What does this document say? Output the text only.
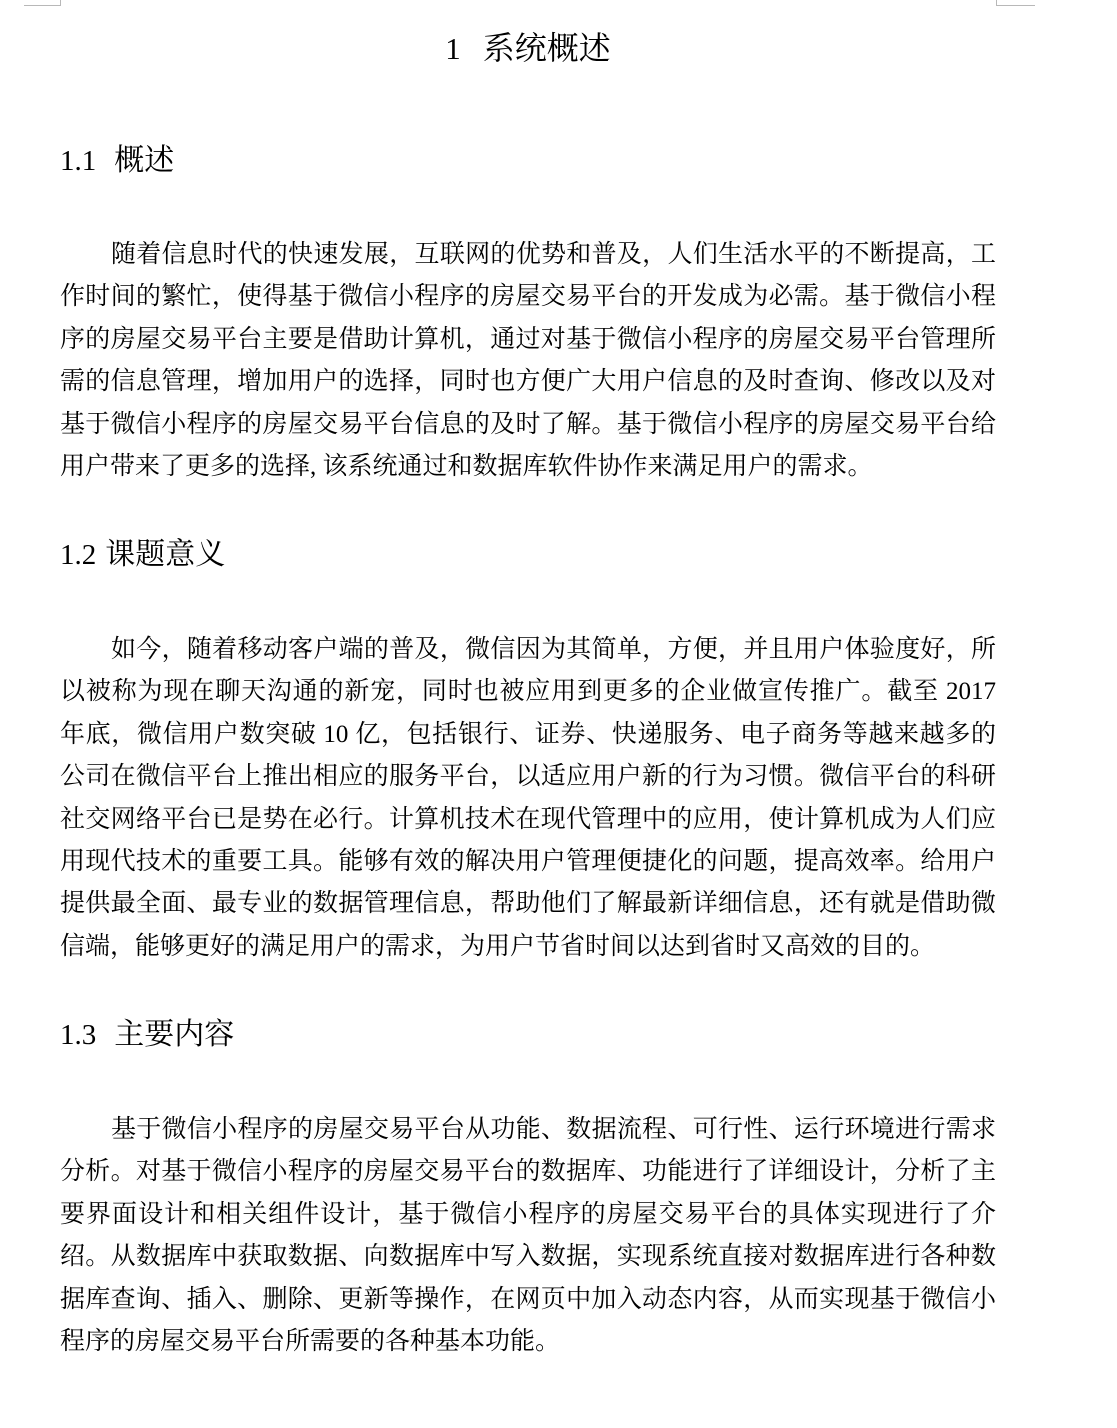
1 系统概述
1.1 概述
随着信息时代的快速发展，互联网的优势和普及，人们生活水平的不断提高，工
作时间的繁忙，使得基于微信小程序的房屋交易平台的开发成为必需。基于微信小程
序的房屋交易平台主要是借助计算机，通过对基于微信小程序的房屋交易平台管理所
需的信息管理，增加用户的选择，同时也方便广大用户信息的及时查询、修改以及对
基于微信小程序的房屋交易平台信息的及时了解。基于微信小程序的房屋交易平台给
用户带来了更多的选择, 该系统通过和数据库软件协作来满足用户的需求。
1.2 课题意义
如今，随着移动客户端的普及，微信因为其简单，方便，并且用户体验度好，所
以被称为现在聊天沟通的新宠，同时也被应用到更多的企业做宣传推广。截至 2017
年底，微信用户数突破 10 亿，包括银行、证券、快递服务、电子商务等越来越多的
公司在微信平台上推出相应的服务平台，以适应用户新的行为习惯。微信平台的科研
社交网络平台已是势在必行。计算机技术在现代管理中的应用，使计算机成为人们应
用现代技术的重要工具。能够有效的解决用户管理便捷化的问题，提高效率。给用户
提供最全面、最专业的数据管理信息，帮助他们了解最新详细信息，还有就是借助微
信端，能够更好的满足用户的需求，为用户节省时间以达到省时又高效的目的。
1.3 主要内容
基于微信小程序的房屋交易平台从功能、数据流程、可行性、运行环境进行需求
分析。对基于微信小程序的房屋交易平台的数据库、功能进行了详细设计，分析了主
要界面设计和相关组件设计，基于微信小程序的房屋交易平台的具体实现进行了介
绍。从数据库中获取数据、向数据库中写入数据，实现系统直接对数据库进行各种数
据库查询、插入、删除、更新等操作，在网页中加入动态内容，从而实现基于微信小
程序的房屋交易平台所需要的各种基本功能。
